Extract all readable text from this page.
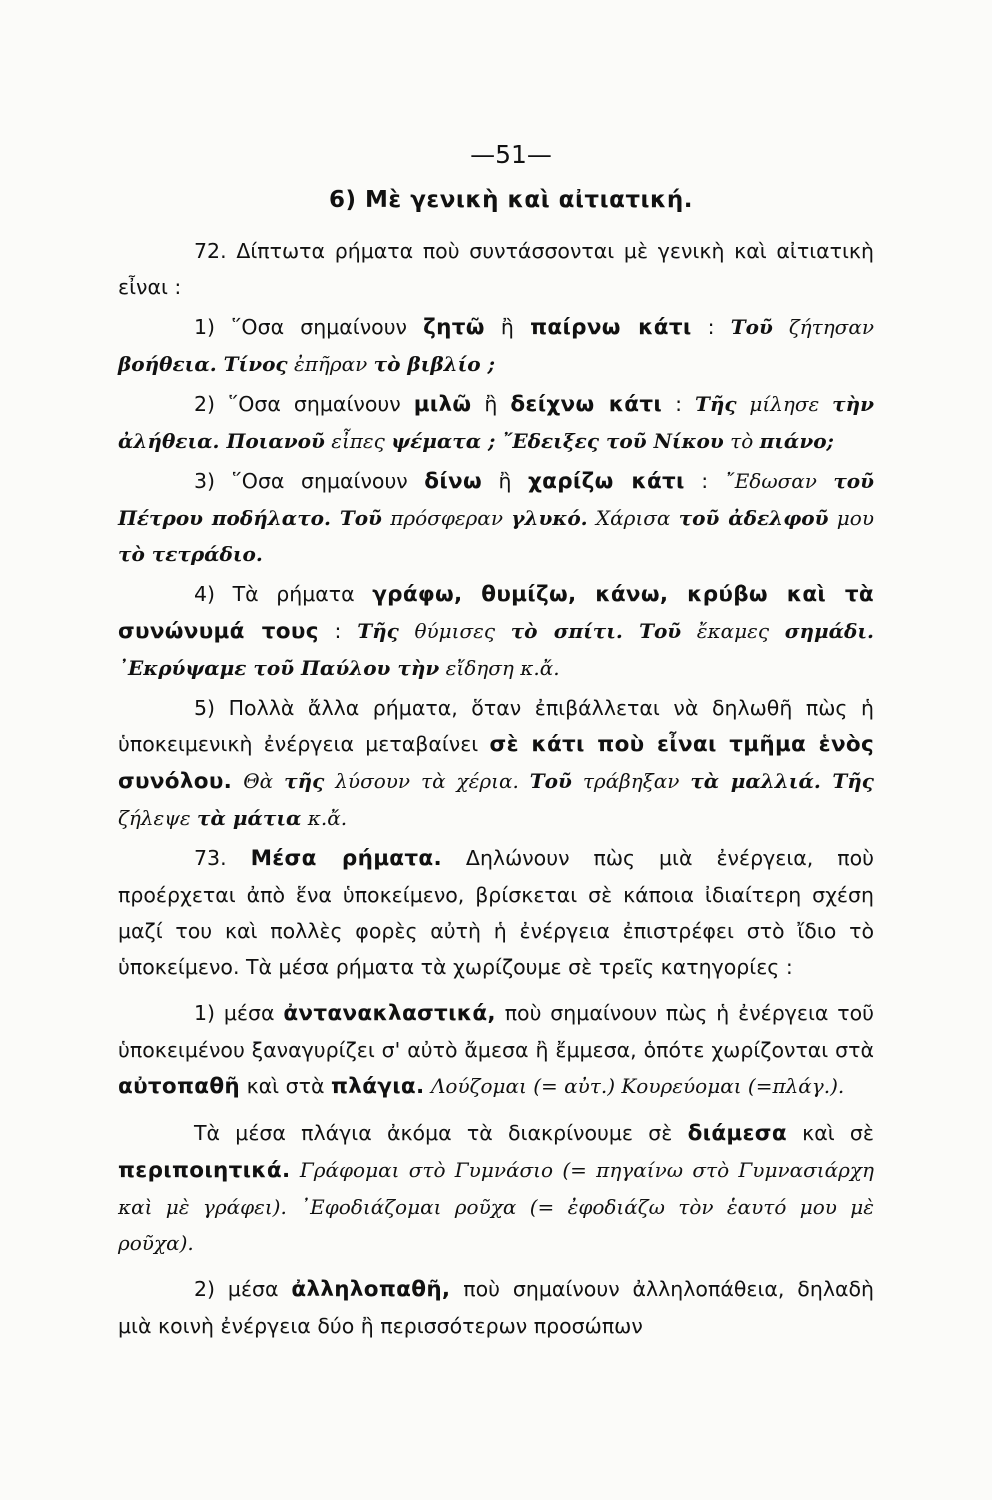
—51—
6) Μὲ γενικὴ καὶ αἰτιατική.

72. Δίπτωτα ρήματα ποὺ συντάσσονται μὲ γενικὴ καὶ αἰτιατικὴ εἶναι :

1) ῞Οσα σημαίνουν ζητῶ ἢ παίρνω κάτι : Τοῦ ζήτησαν βοήθεια. Τίνος ἐπῆραν τὸ βιβλίο ;

2) ῞Οσα σημαίνουν μιλῶ ἢ δείχνω κάτι : Τῆς μίλησε τὴν ἀλήθεια. Ποιανοῦ εἶπες ψέματα ; ῎Εδειξες τοῦ Νίκου τὸ πιάνο;

3) ῞Οσα σημαίνουν δίνω ἢ χαρίζω κάτι : ῎Εδωσαν τοῦ Πέτρου ποδήλατο. Τοῦ πρόσφεραν γλυκό. Χάρισα τοῦ ἀδελφοῦ μου τὸ τετράδιο.

4) Τὰ ρήματα γράφω, θυμίζω, κάνω, κρύβω καὶ τὰ συνώνυμά τους : Τῆς θύμισες τὸ σπίτι. Τοῦ ἔκαμες σημάδι. ᾿Εκρύψαμε τοῦ Παύλου τὴν εἴδηση κ.ἄ.

5) Πολλὰ ἄλλα ρήματα, ὅταν ἐπιβάλλεται νὰ δηλωθῆ πὼς ἡ ὑποκειμενικὴ ἐνέργεια μεταβαίνει σὲ κάτι ποὺ εἶναι τμῆμα ἑνὸς συνόλου. Θὰ τῆς λύσουν τὰ χέρια. Τοῦ τράβηξαν τὰ μαλλιά. Τῆς ζήλεψε τὰ μάτια κ.ἄ.

73. Μέσα ρήματα. Δηλώνουν πὼς μιὰ ἐνέργεια, ποὺ προέρχεται ἀπὸ ἕνα ὑποκείμενο, βρίσκεται σὲ κάποια ἰδιαίτερη σχέση μαζί του καὶ πολλὲς φορὲς αὐτὴ ἡ ἐνέργεια ἐπιστρέφει στὸ ἴδιο τὸ ὑποκείμενο. Τὰ μέσα ρήματα τὰ χωρίζουμε σὲ τρεῖς κατηγορίες :

1) μέσα ἀντανακλαστικά, ποὺ σημαίνουν πὼς ἡ ἐνέργεια τοῦ ὑποκειμένου ξαναγυρίζει σ' αὐτὸ ἄμεσα ἢ ἔμμεσα, ὁπότε χωρίζονται στὰ αὐτοπαθῆ καὶ στὰ πλάγια. Λούζομαι (= αὐτ.) Κουρεύομαι (=πλάγ.).

Τὰ μέσα πλάγια ἀκόμα τὰ διακρίνουμε σὲ διάμεσα καὶ σὲ περιποιητικά. Γράφομαι στὸ Γυμνάσιο (= πηγαίνω στὸ Γυμνασιάρχη καὶ μὲ γράφει). ᾿Εφοδιάζομαι ροῦχα (= ἐφοδιάζω τὸν ἑαυτό μου μὲ ροῦχα).

2) μέσα ἀλληλοπαθῆ, ποὺ σημαίνουν ἀλληλοπάθεια, δηλαδὴ μιὰ κοινὴ ἐνέργεια δύο ἢ περισσότερων προσώπων
